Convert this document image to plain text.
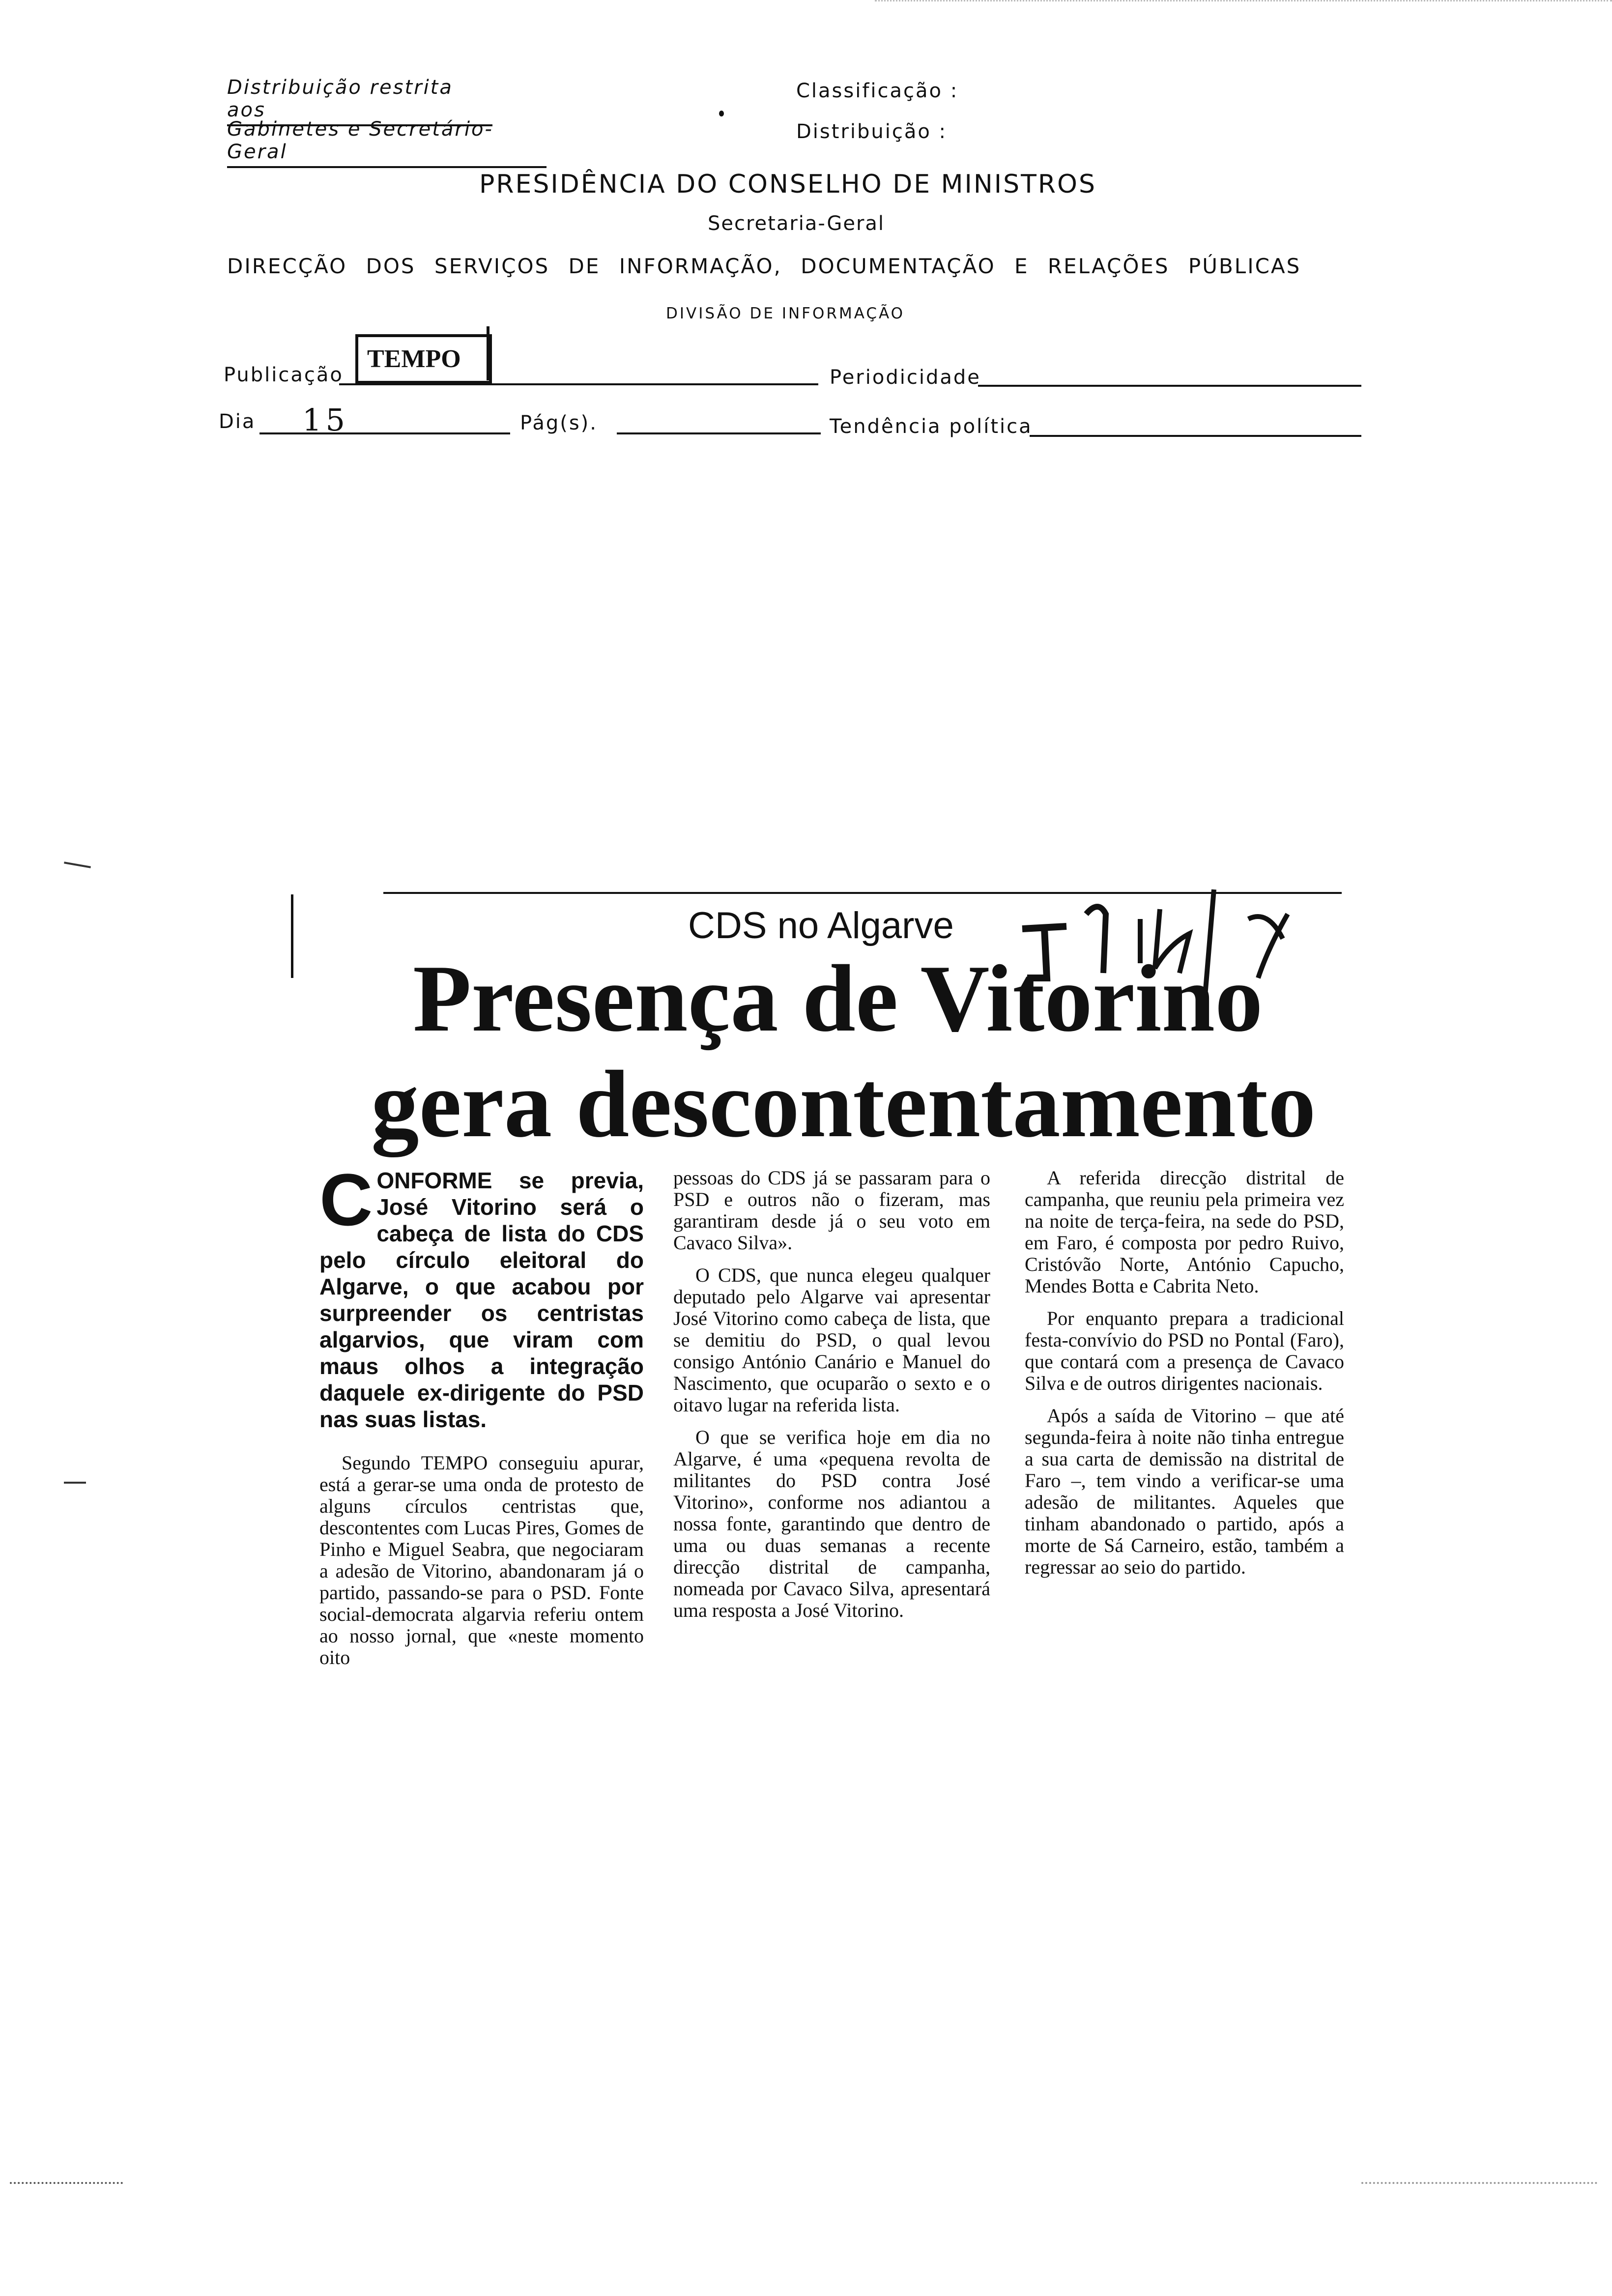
Distribuição restrita aos
Gabinetes e Secretário-Geral
Classificação :
Distribuição :
PRESIDÊNCIA DO CONSELHO DE MINISTROS
Secretaria-Geral
DIRECÇÃO DOS SERVIÇOS DE INFORMAÇÃO, DOCUMENTAÇÃO E RELAÇÕES PÚBLICAS
DIVISÃO DE INFORMAÇÃO
Publicação
TEMPO
Periodicidade
Dia 15	Pág(s).	Tendência política
CDS no Algarve
Presença de Vitorino
gera descontentamento
CONFORME se previa, José Vitorino será o cabeça de lista do CDS pelo círculo eleitoral do Algarve, o que acabou por surpreender os centristas algarvios, que viram com maus olhos a integração daquele ex-dirigente do PSD nas suas listas.

Segundo TEMPO conseguiu apurar, está a gerar-se uma onda de protesto de alguns círculos centristas que, descontentes com Lucas Pires, Gomes de Pinho e Miguel Seabra, que negociaram a adesão de Vitorino, abandonaram já o partido, passando-se para o PSD. Fonte social-democrata algarvia referiu ontem ao nosso jornal, que «neste momento oito

pessoas do CDS já se passaram para o PSD e outros não o fizeram, mas garantiram desde já o seu voto em Cavaco Silva».

O CDS, que nunca elegeu qualquer deputado pelo Algarve vai apresentar José Vitorino como cabeça de lista, que se demitiu do PSD, o qual levou consigo António Canário e Manuel do Nascimento, que ocuparão o sexto e o oitavo lugar na referida lista.

O que se verifica hoje em dia no Algarve, é uma «pequena revolta de militantes do PSD contra José Vitorino», conforme nos adiantou a nossa fonte, garantindo que dentro de uma ou duas semanas a recente direcção distrital de campanha, nomeada por Cavaco Silva, apresentará uma resposta a José Vitorino.

A referida direcção distrital de campanha, que reuniu pela primeira vez na noite de terça-feira, na sede do PSD, em Faro, é composta por pedro Ruivo, Cristóvão Norte, António Capucho, Mendes Botta e Cabrita Neto.

Por enquanto prepara a tradicional festa-convívio do PSD no Pontal (Faro), que contará com a presença de Cavaco Silva e de outros dirigentes nacionais.

Após a saída de Vitorino – que até segunda-feira à noite não tinha entregue a sua carta de demissão na distrital de Faro –, tem vindo a verificar-se uma adesão de militantes. Aqueles que tinham abandonado o partido, após a morte de Sá Carneiro, estão, também a regressar ao seio do partido.
